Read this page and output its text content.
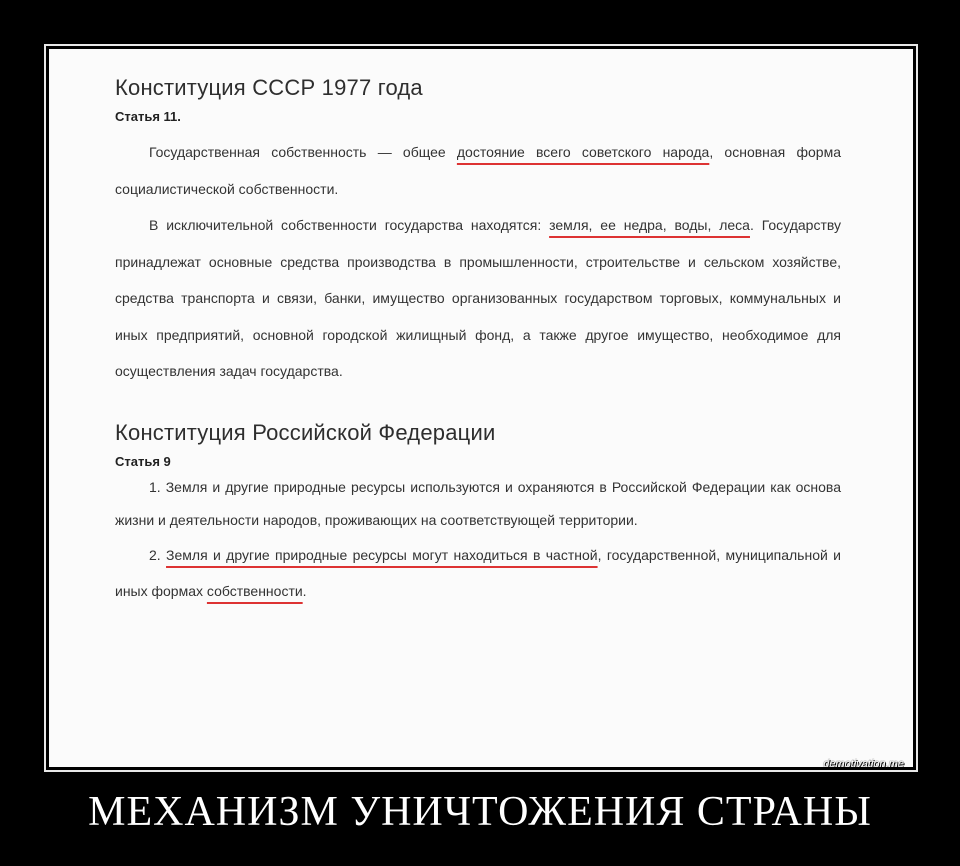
Конституция СССР 1977 года
Статья 11.
Государственная собственность — общее достояние всего советского народа, основная форма социалистической собственности.
В исключительной собственности государства находятся: земля, ее недра, воды, леса. Государству принадлежат основные средства производства в промышленности, строительстве и сельском хозяйстве, средства транспорта и связи, банки, имущество организованных государством торговых, коммунальных и иных предприятий, основной городской жилищный фонд, а также другое имущество, необходимое для осуществления задач государства.
Конституция Российской Федерации
Статья 9
1. Земля и другие природные ресурсы используются и охраняются в Российской Федерации как основа жизни и деятельности народов, проживающих на соответствующей территории.
2. Земля и другие природные ресурсы могут находиться в частной, государственной, муниципальной и иных формах собственности.
demotivation.me
МЕХАНИЗМ УНИЧТОЖЕНИЯ СТРАНЫ
